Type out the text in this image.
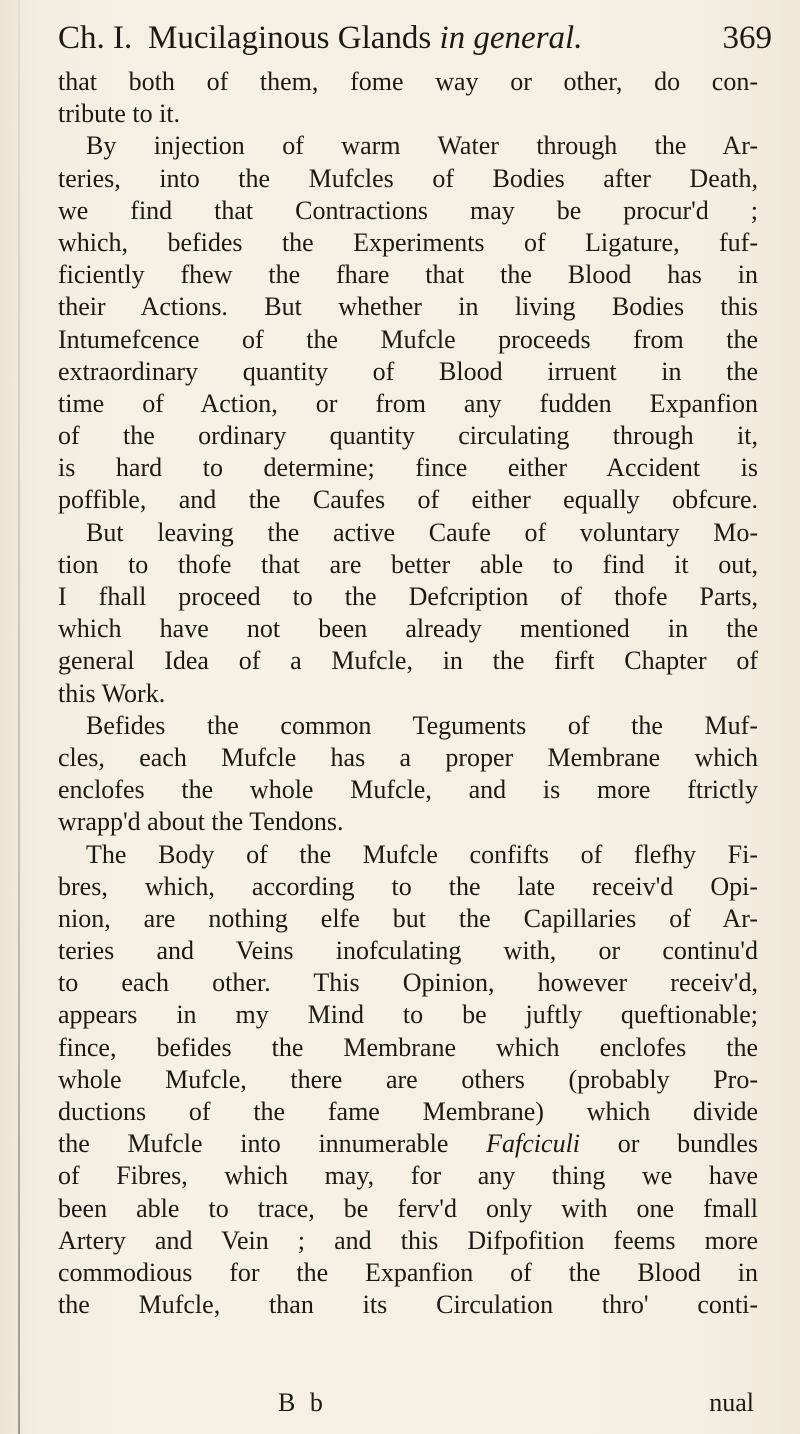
Ch. I. Mucilaginous Glands in general.	369
that both of them, fome way or other, do con-
tribute to it.
By injection of warm Water through the Ar-
teries, into the Mufcles of Bodies after Death,
we find that Contractions may be procur'd ;
which, befides the Experiments of Ligature, fuf-
ficiently fhew the fhare that the Blood has in
their Actions. But whether in living Bodies this
Intumefcence of the Mufcle proceeds from the
extraordinary quantity of Blood irruent in the
time of Action, or from any fudden Expanfion
of the ordinary quantity circulating through it,
is hard to determine; fince either Accident is
poffible, and the Caufes of either equally obfcure.
But leaving the active Caufe of voluntary Mo-
tion to thofe that are better able to find it out,
I fhall proceed to the Defcription of thofe Parts,
which have not been already mentioned in the
general Idea of a Mufcle, in the firft Chapter of
this Work.
Befides the common Teguments of the Muf-
cles, each Mufcle has a proper Membrane which
enclofes the whole Mufcle, and is more ftrictly
wrapp'd about the Tendons.
The Body of the Mufcle confifts of flefhy Fi-
bres, which, according to the late receiv'd Opi-
nion, are nothing elfe but the Capillaries of Ar-
teries and Veins inofculating with, or continu'd
to each other. This Opinion, however receiv'd,
appears in my Mind to be juftly queftionable;
fince, befides the Membrane which enclofes the
whole Mufcle, there are others (probably Pro-
ductions of the fame Membrane) which divide
the Mufcle into innumerable Fafciculi or bundles
of Fibres, which may, for any thing we have
been able to trace, be ferv'd only with one fmall
Artery and Vein ; and this Difpofition feems more
commodious for the Expanfion of the Blood in
the Mufcle, than its Circulation thro' conti-
B b	nual
